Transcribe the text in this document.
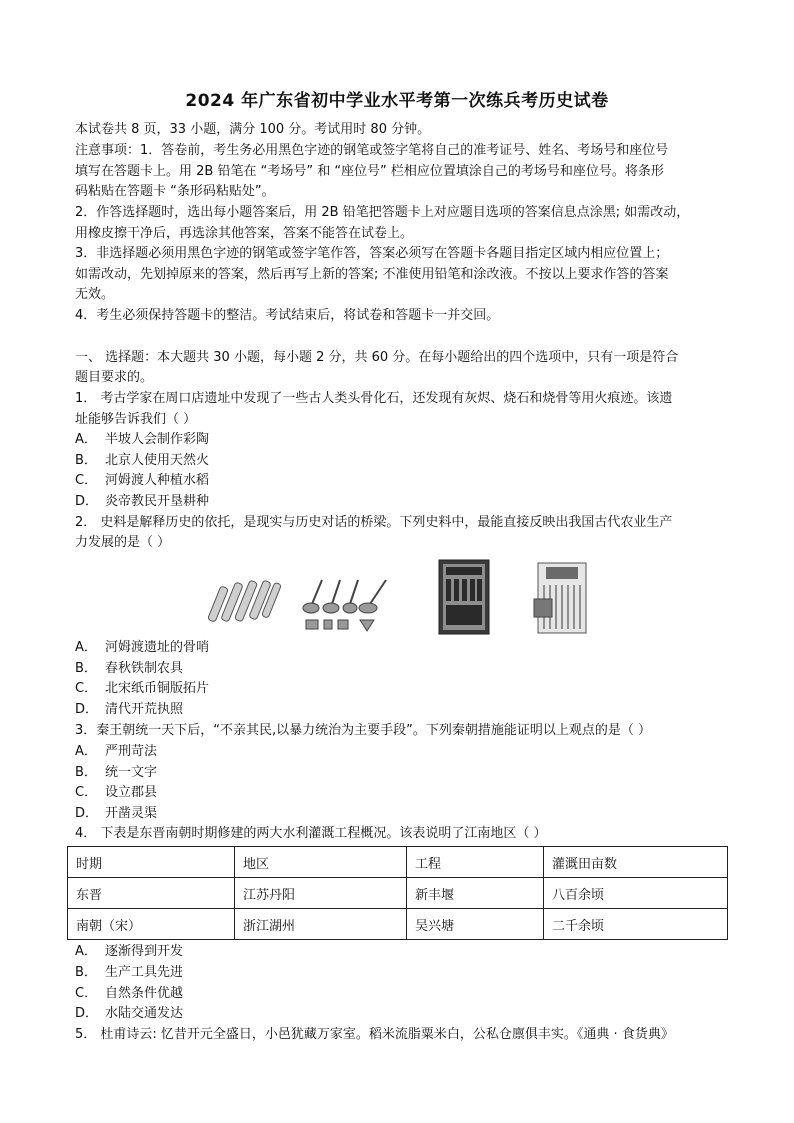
2024 年广东省初中学业水平考第一次练兵考历史试卷
本试卷共 8 页，33 小题，满分 100 分。考试用时 80 分钟。
注意事项：1．答卷前，考生务必用黑色字迹的钢笔或签字笔将自己的准考证号、姓名、考场号和座位号
填写在答题卡上。用 2B 铅笔在 “考场号” 和 “座位号” 栏相应位置填涂自己的考场号和座位号。将条形
码粘贴在答题卡 “条形码粘贴处”。
2．作答选择题时，选出每小题答案后，用 2B 铅笔把答题卡上对应题目选项的答案信息点涂黑; 如需改动，
用橡皮擦干净后，再选涂其他答案，答案不能答在试卷上。
3．非选择题必须用黑色字迹的钢笔或签字笔作答，答案必须写在答题卡各题目指定区域内相应位置上；
如需改动，先划掉原来的答案，然后再写上新的答案; 不准使用铅笔和涂改液。不按以上要求作答的答案
无效。
4．考生必须保持答题卡的整洁。考试结束后，将试卷和答题卡一并交回。
一、 选择题：本大题共 30 小题，每小题 2 分，共 60 分。在每小题给出的四个选项中，只有一项是符合
题目要求的。
1． 考古学家在周口店遗址中发现了一些古人类头骨化石，还发现有灰烬、烧石和烧骨等用火痕迹。该遗
址能够告诉我们（ ）
A． 半坡人会制作彩陶
B． 北京人使用天然火
C． 河姆渡人种植水稻
D． 炎帝教民开垦耕种
2． 史料是解释历史的依托，是现实与历史对话的桥梁。下列史料中，最能直接反映出我国古代农业生产
力发展的是（ ）
A． 河姆渡遗址的骨哨
B． 春秋铁制农具
C． 北宋纸币铜版拓片
D． 清代开荒执照
3．秦王朝统一天下后，“不亲其民,以暴力统治为主要手段”。下列秦朝措施能证明以上观点的是（ ）
A． 严刑苛法
B． 统一文字
C． 设立郡县
D． 开凿灵渠
4． 下表是东晋南朝时期修建的两大水利灌溉工程概况。该表说明了江南地区（ ）
时期	地区	工程	灌溉田亩数
东晋	江苏丹阳	新丰堰	八百余顷
南朝（宋）	浙江湖州	吴兴塘	二千余顷
A． 逐渐得到开发
B． 生产工具先进
C． 自然条件优越
D． 水陆交通发达
5． 杜甫诗云: 忆昔开元全盛日，小邑犹藏万家室。稻米流脂粟米白，公私仓廪俱丰实。《通典 · 食货典》
